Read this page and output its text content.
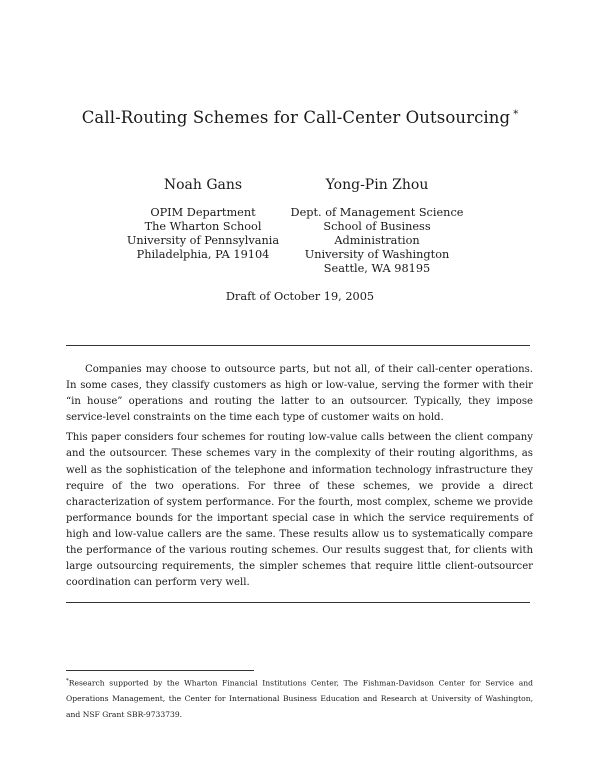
Call-Routing Schemes for Call-Center Outsourcing *
Noah Gans
OPIM Department
The Wharton School
University of Pennsylvania
Philadelphia, PA 19104
Yong-Pin Zhou
Dept. of Management Science
School of Business Administration
University of Washington
Seattle, WA 98195
Draft of October 19, 2005

Companies may choose to outsource parts, but not all, of their call-center operations. In some cases, they classify customers as high or low-value, serving the former with their “in house” operations and routing the latter to an outsourcer. Typically, they impose service-level constraints on the time each type of customer waits on hold.

This paper considers four schemes for routing low-value calls between the client company and the outsourcer. These schemes vary in the complexity of their routing algorithms, as well as the sophistication of the telephone and information technology infrastructure they require of the two operations. For three of these schemes, we provide a direct characterization of system performance. For the fourth, most complex, scheme we provide performance bounds for the important special case in which the service requirements of high and low-value callers are the same. These results allow us to systematically compare the performance of the various routing schemes. Our results suggest that, for clients with large outsourcing requirements, the simpler schemes that require little client-outsourcer coordination can perform very well.

*Research supported by the Wharton Financial Institutions Center, The Fishman-Davidson Center for Service and Operations Management, the Center for International Business Education and Research at University of Washington, and NSF Grant SBR-9733739.
